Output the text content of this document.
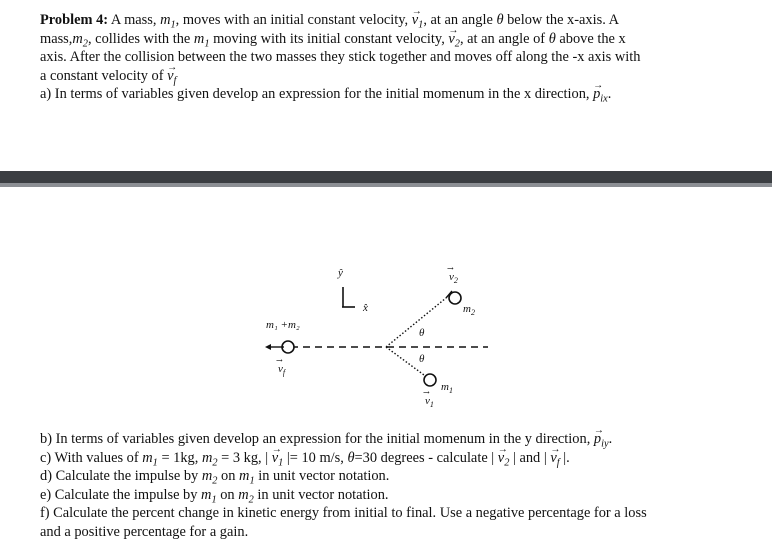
Problem 4: A mass, $m_1$, moves with an initial constant velocity, → $v_1$, at an angle θ below the x-axis. A
$mass,m_2$, collides with the $m_1$ moving with its initial constant velocity, → $v_2$, at an angle of θ above the x
axis. After the collision between the two masses they stick together and moves off along the -x axis with
a constant velocity of → $v_f$
a) In terms of variables given develop an expression for the initial momenum in the x direction, → $p_{ix}$.
ŷ
x̂
$v_2$
→
$m_2$
m₁ +m₂
$v_f$
→
θ
θ
$m_1$
$v_1$
→
b) In terms of variables given develop an expression for the initial momenum in the y direction, → $p_{iy}$.
c) With values of $m_1 = 1kg$, $m_2 = 3$ kg, | → $v_1$ |= 10 m/s, θ=30 degrees - calculate | → $v_2$ | and | → $v_f$ |.
d) Calculate the impulse by $m_2$ on $m_1$ in unit vector notation.
e) Calculate the impulse by $m_1$ on $m_2$ in unit vector notation.
f) Calculate the percent change in kinetic energy from initial to final. Use a negative percentage for a loss
and a positive percentage for a gain.
